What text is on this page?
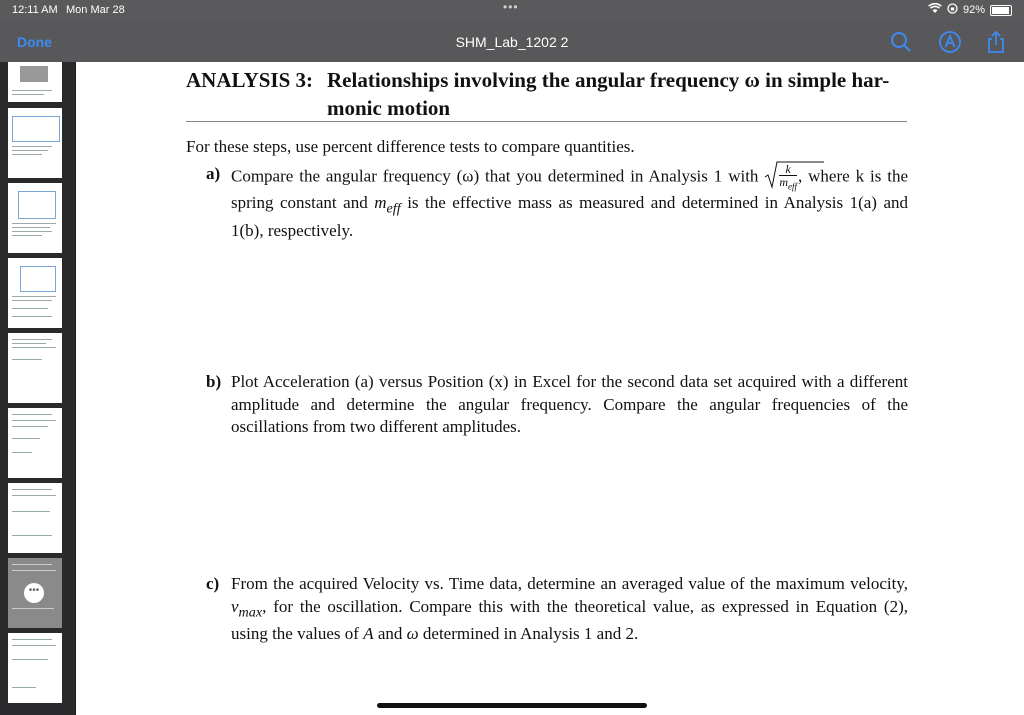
12:11 AM Mon Mar 28	•••	92%
Done	SHM_Lab_1202 2
•••
ANALYSIS 3: Relationships involving the angular frequency ω in simple har-monic motion
For these steps, use percent difference tests to compare quantities.
a) Compare the angular frequency (ω) that you determined in Analysis 1 with $\frac{k}{m_{eff}}$ , where k is the spring constant and $m_{eff}$ is the effective mass as measured and determined in Analysis 1(a) and 1(b), respectively.
b) Plot Acceleration (a) versus Position (x) in Excel for the second data set acquired with a different amplitude and determine the angular frequency. Compare the angular frequencies of the oscillations from two different amplitudes.
c) From the acquired Velocity vs. Time data, determine an averaged value of the maximum velocity, $v_{max}$, for the oscillation. Compare this with the theoretical value, as expressed in Equation (2), using the values of A and ω determined in Analysis 1 and 2.
